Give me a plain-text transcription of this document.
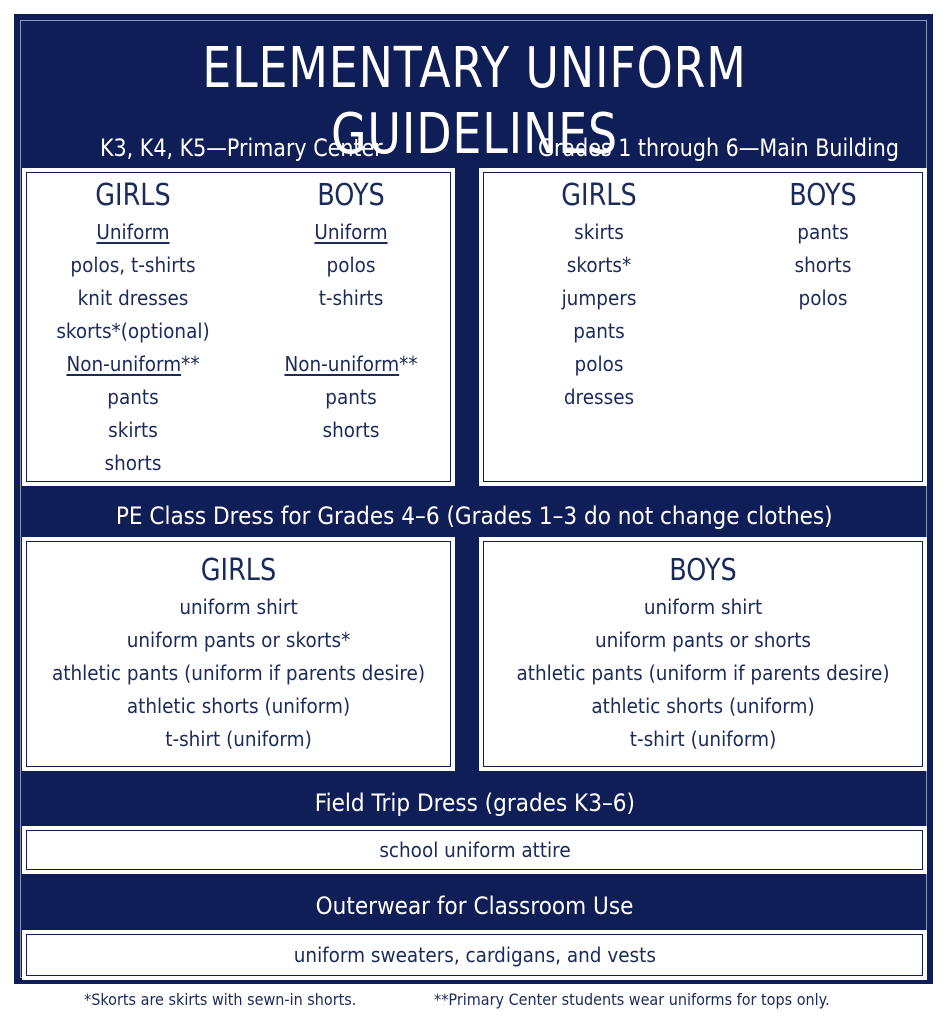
ELEMENTARY UNIFORM GUIDELINES
K3, K4, K5—Primary Center	Grades 1 through 6—Main Building
GIRLS
Uniform
polos, t-shirts
knit dresses
skorts*(optional)
Non-uniform**
pants
skirts
shorts
BOYS
Uniform
polos
t-shirts
Non-uniform**
pants
shorts
GIRLS
skirts
skorts*
jumpers
pants
polos
dresses
BOYS
pants
shorts
polos
PE Class Dress for Grades 4–6 (Grades 1–3 do not change clothes)
GIRLS
uniform shirt
uniform pants or skorts*
athletic pants (uniform if parents desire)
athletic shorts (uniform)
t-shirt (uniform)
BOYS
uniform shirt
uniform pants or shorts
athletic pants (uniform if parents desire)
athletic shorts (uniform)
t-shirt (uniform)
Field Trip Dress (grades K3–6)
school uniform attire
Outerwear for Classroom Use
uniform sweaters, cardigans, and vests
*Skorts are skirts with sewn-in shorts.	**Primary Center students wear uniforms for tops only.
